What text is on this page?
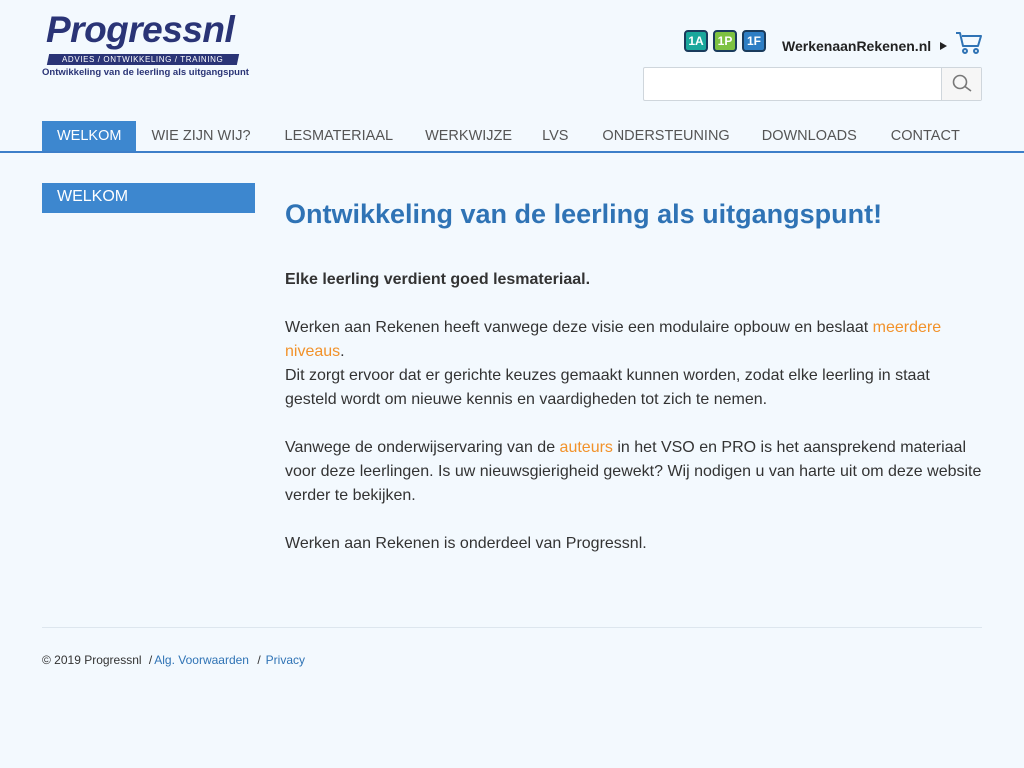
Progressnl
ADVIES / ONTWIKKELING / TRAINING
Ontwikkeling van de leerling als uitgangspunt
1A	1P	1F	WerkenaanRekenen.nl
WELKOM	WIE ZIJN WIJ?	LESMATERIAAL	WERKWIJZE	LVS	ONDERSTEUNING	DOWNLOADS	CONTACT
WELKOM
Ontwikkeling van de leerling als uitgangspunt!

Elke leerling verdient goed lesmateriaal.

Werken aan Rekenen heeft vanwege deze visie een modulaire opbouw en beslaat meerdere niveaus.
Dit zorgt ervoor dat er gerichte keuzes gemaakt kunnen worden, zodat elke leerling in staat gesteld wordt om nieuwe kennis en vaardigheden tot zich te nemen.

Vanwege de onderwijservaring van de auteurs in het VSO en PRO is het aansprekend materiaal voor deze leerlingen. Is uw nieuwsgierigheid gewekt? Wij nodigen u van harte uit om deze website verder te bekijken.

Werken aan Rekenen is onderdeel van Progressnl.

© 2019 Progressnl / Alg. Voorwaarden / Privacy
